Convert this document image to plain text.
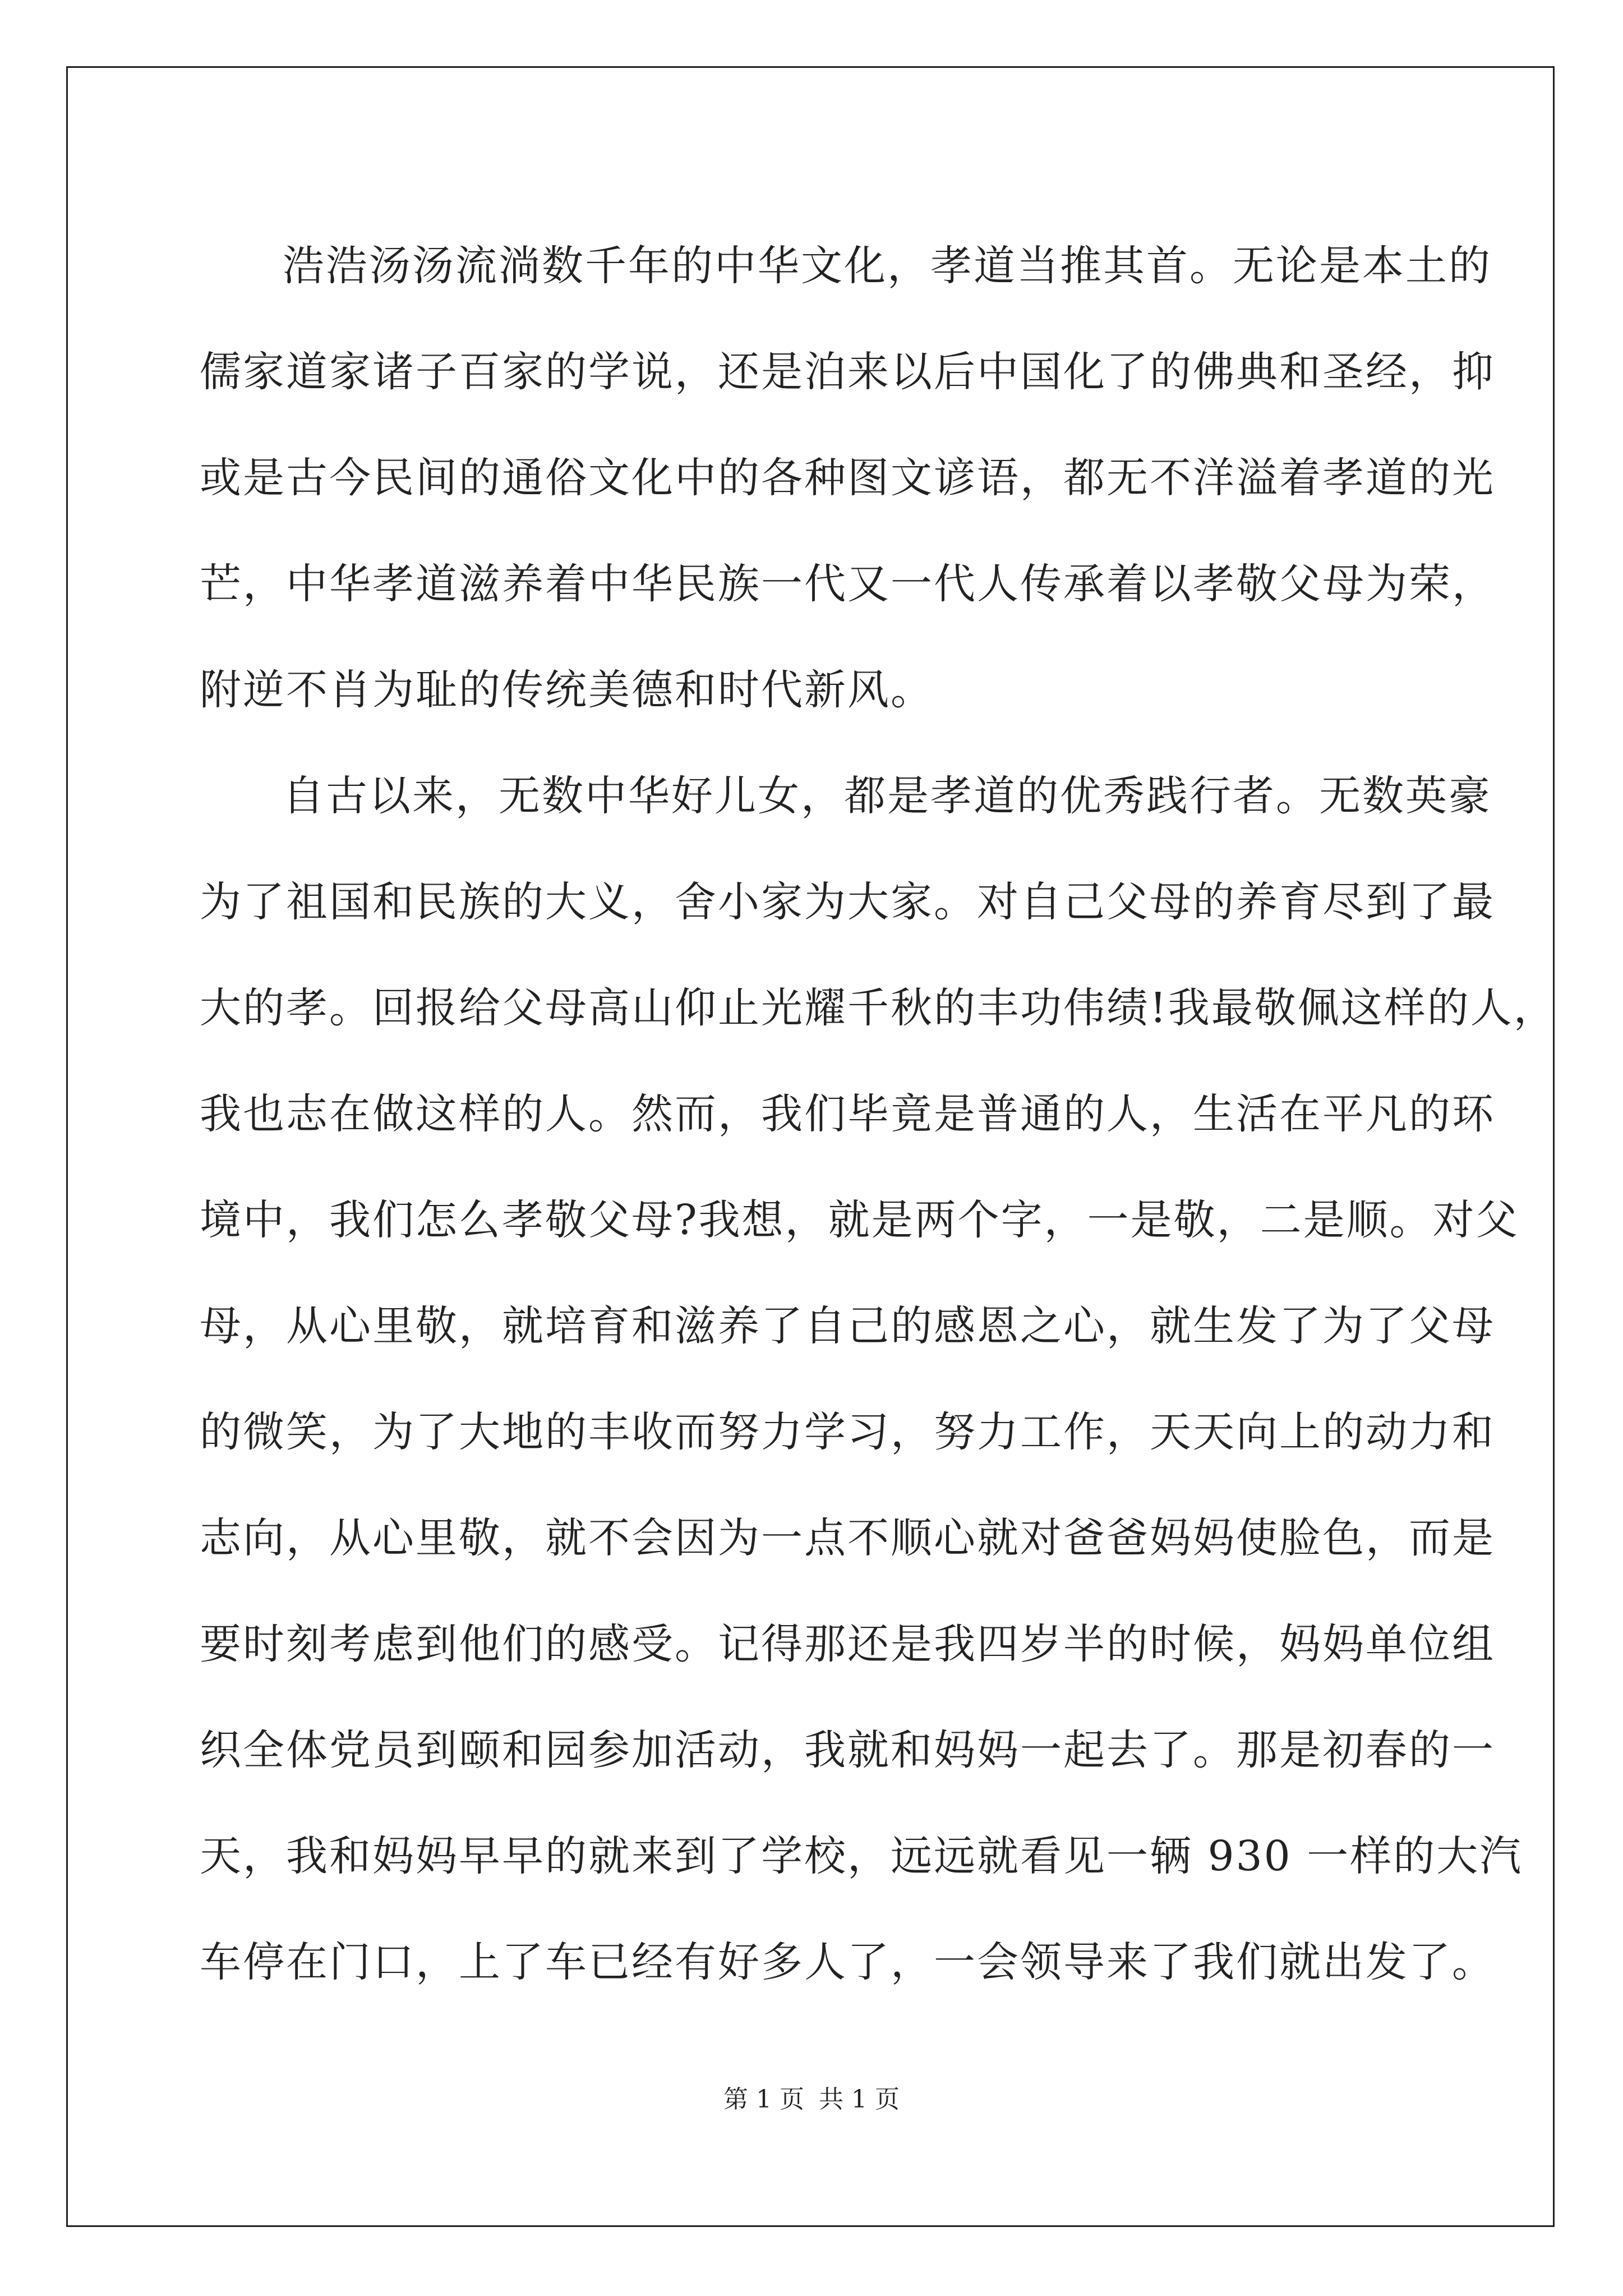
浩浩汤汤流淌数千年的中华文化，孝道当推其首。无论是本土的
儒家道家诸子百家的学说，还是泊来以后中国化了的佛典和圣经，抑
或是古今民间的通俗文化中的各种图文谚语，都无不洋溢着孝道的光
芒，中华孝道滋养着中华民族一代又一代人传承着以孝敬父母为荣，
附逆不肖为耻的传统美德和时代新风。
自古以来，无数中华好儿女，都是孝道的优秀践行者。无数英豪
为了祖国和民族的大义，舍小家为大家。对自己父母的养育尽到了最
大的孝。回报给父母高山仰止光耀千秋的丰功伟绩!我最敬佩这样的人，
我也志在做这样的人。然而，我们毕竟是普通的人，生活在平凡的环
境中，我们怎么孝敬父母?我想，就是两个字，一是敬，二是顺。对父
母，从心里敬，就培育和滋养了自己的感恩之心，就生发了为了父母
的微笑，为了大地的丰收而努力学习，努力工作，天天向上的动力和
志向，从心里敬，就不会因为一点不顺心就对爸爸妈妈使脸色，而是
要时刻考虑到他们的感受。记得那还是我四岁半的时候，妈妈单位组
织全体党员到颐和园参加活动，我就和妈妈一起去了。那是初春的一
天，我和妈妈早早的就来到了学校，远远就看见一辆 930 一样的大汽
车停在门口，上了车已经有好多人了，一会领导来了我们就出发了。
第 1 页 共 1 页
